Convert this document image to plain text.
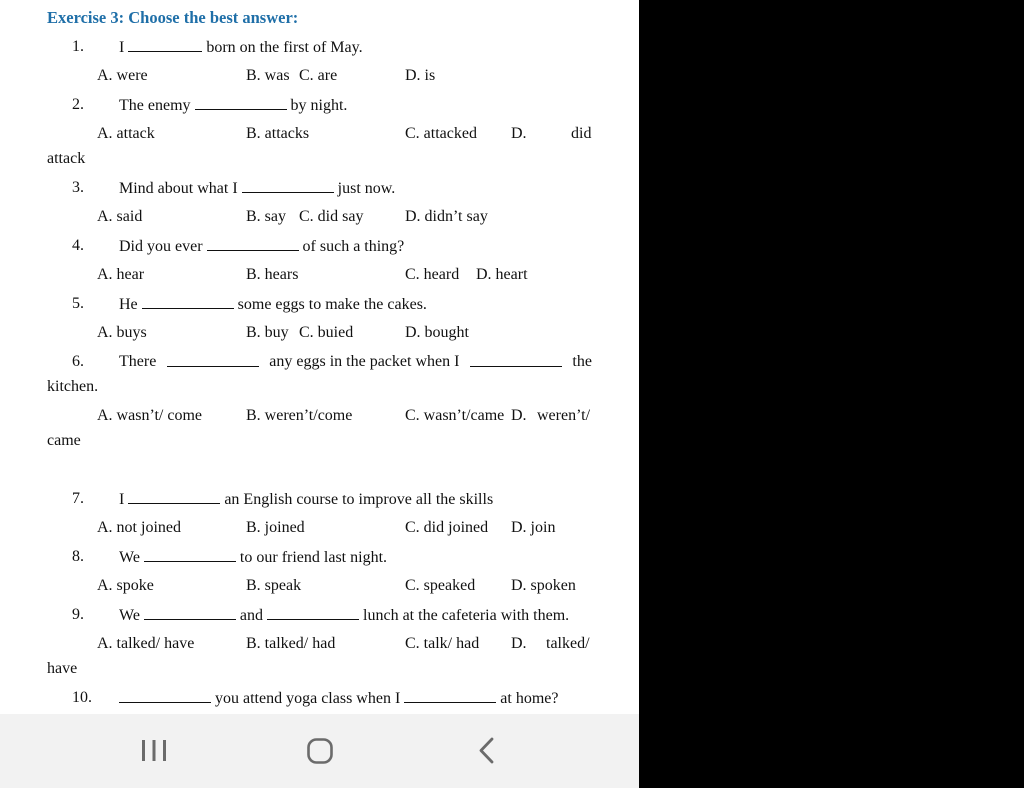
Exercise 3: Choose the best answer:
1. I	born on the first of May.
A. were	B. was C. are	D. is
2. The enemy	by night.
A. attack	B. attacks	C. attacked D.	did
attack
3. Mind about what I	just now.
A. said	B. say C. did say	D. didn’t say
4. Did you ever	of such a thing?
A. hear	B. hears	C. heard D. heart
5. He	some eggs to make the cakes.
A. buys	B. buy C. buied	D. bought
6. There	any eggs in the packet when I	the
kitchen.
A. wasn’t/ come	B. weren’t/come	C. wasn’t/came D. weren’t/
came
7. I	an English course to improve all the skills
A. not joined	B. joined	C. did joined D. join
8. We	to our friend last night.
A. spoke	B. speak	C. speaked D. spoken
9. We	and	lunch at the cafeteria with them.
A. talked/ have	B. talked/ had	C. talk/ had D. talked/
have
10.	you attend yoga class when I	at home?
